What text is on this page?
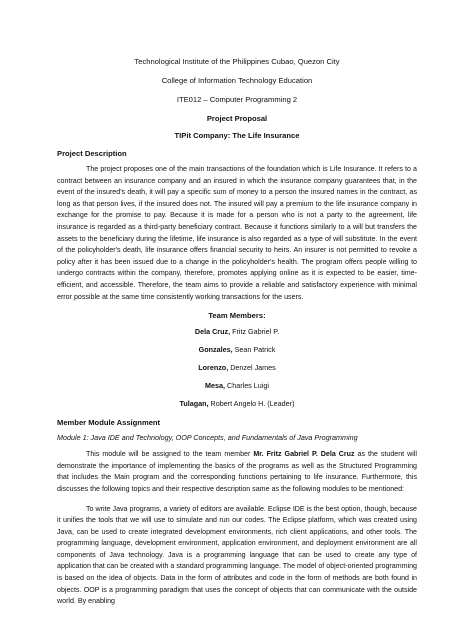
Technological Institute of the Philippines Cubao, Quezon City
College of Information Technology Education
ITE012 – Computer Programming 2
Project Proposal
TIPit Company: The Life Insurance
Project Description

The project proposes one of the main transactions of the foundation which is Life Insurance. It refers to a contract between an insurance company and an insured in which the insurance company guarantees that, in the event of the insured's death, it will pay a specific sum of money to a person the insured names in the contract, as long as that person lives, if the insured does not. The insured will pay a premium to the life insurance company in exchange for the promise to pay. Because it is made for a person who is not a party to the agreement, life insurance is regarded as a third-party beneficiary contract. Because it functions similarly to a will but transfers the assets to the beneficiary during the lifetime, life insurance is also regarded as a type of will substitute. In the event of the policyholder's death, life insurance offers financial security to heirs. An insurer is not permitted to revoke a policy after it has been issued due to a change in the policyholder's health. The program offers people willing to undergo contracts within the company, therefore, promotes applying online as it is expected to be easier, time-efficient, and accessible. Therefore, the team aims to provide a reliable and satisfactory experience with minimal error possible at the same time consistently working transactions for the users.

Team Members:
Dela Cruz, Fritz Gabriel P.
Gonzales, Sean Patrick
Lorenzo, Denzel James
Mesa, Charles Luigi
Tulagan, Robert Angelo H. (Leader)
Member Module Assignment
Module 1: Java IDE and Technology, OOP Concepts, and Fundamentals of Java Programming

This module will be assigned to the team member Mr. Fritz Gabriel P. Dela Cruz as the student will demonstrate the importance of implementing the basics of the programs as well as the Structured Programming that includes the Main program and the corresponding functions pertaining to life insurance. Furthermore, this discusses the following topics and their respective description same as the following modules to be mentioned:

To write Java programs, a variety of editors are available. Eclipse IDE is the best option, though, because it unifies the tools that we will use to simulate and run our codes. The Eclipse platform, which was created using Java, can be used to create integrated development environments, rich client applications, and other tools. The programming language, development environment, application environment, and deployment environment are all components of Java technology. Java is a programming language that can be used to create any type of application that can be created with a standard programming language. The model of object-oriented programming is based on the idea of objects. Data in the form of attributes and code in the form of methods are both found in objects. OOP is a programming paradigm that uses the concept of objects that can communicate with the outside world. By enabling
